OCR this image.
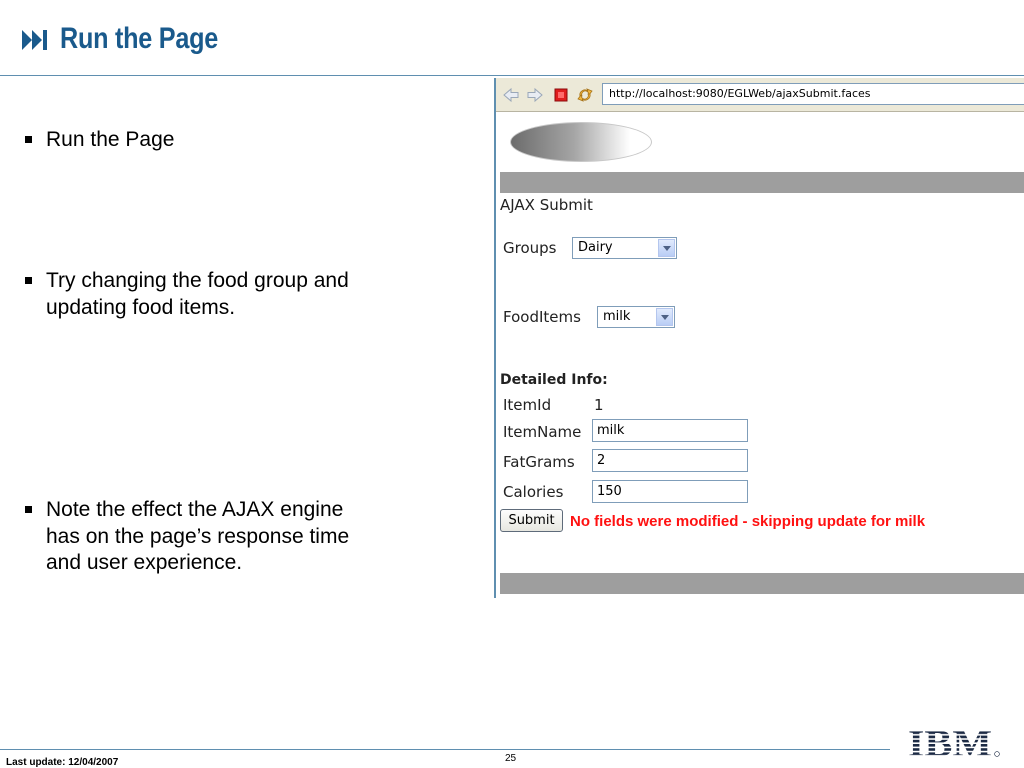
Run the Page
Run the Page
Try changing the food group and updating food items.
Note the effect the AJAX engine has on the page’s response time and user experience.
http://localhost:9080/EGLWeb/ajaxSubmit.faces
AJAX Submit
Groups	Dairy
FoodItems	milk
Detailed Info:
ItemId	1
ItemName	milk
FatGrams	2
Calories	150
Submit	No fields were modified - skipping update for milk
Last update: 12/04/2007	25	IBM
